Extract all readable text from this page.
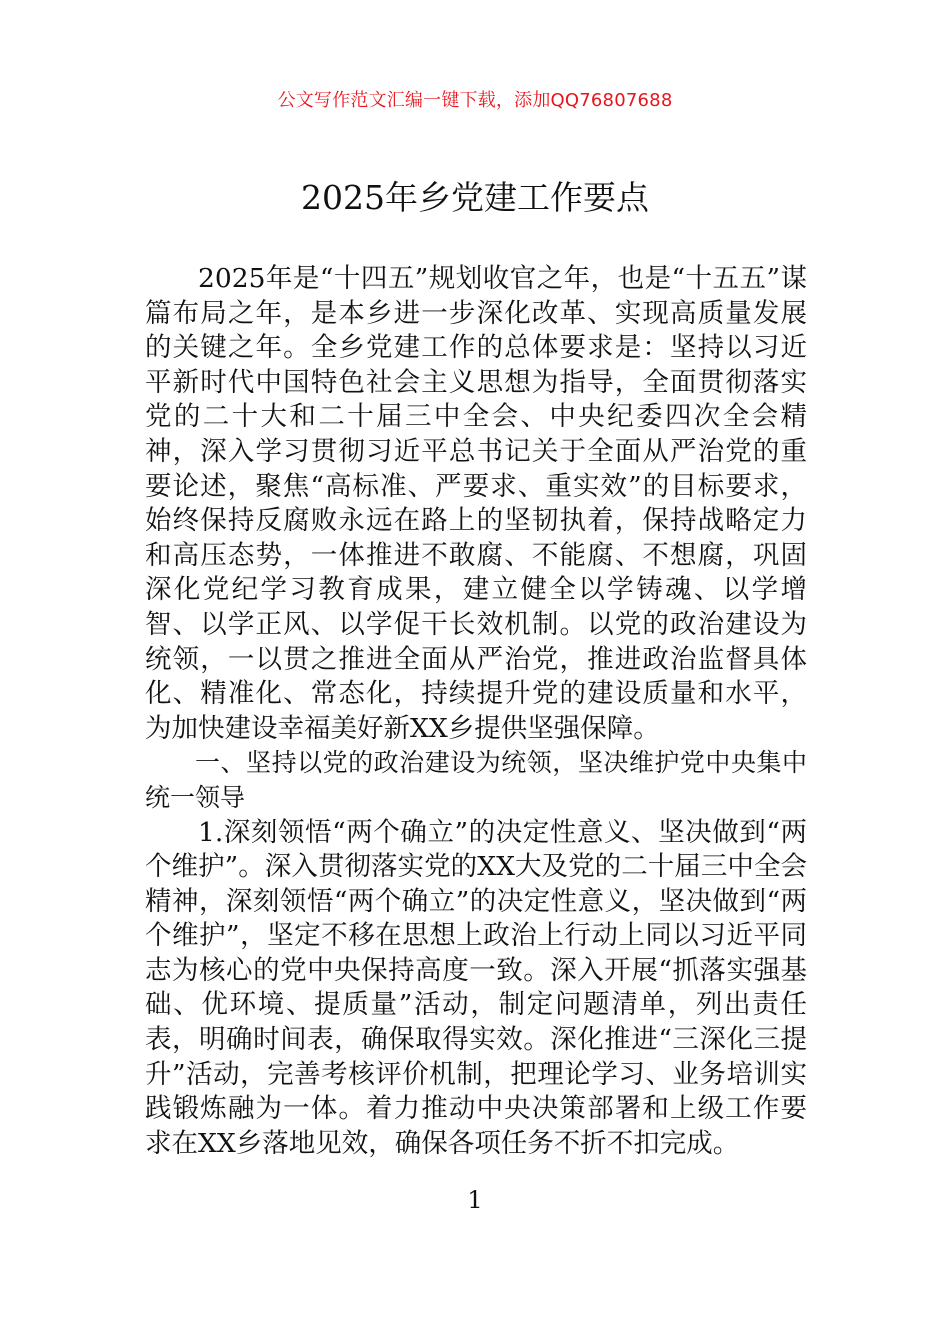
公文写作范文汇编一键下载，添加QQ76807688
2025年乡党建工作要点

2025年是“十四五”规划收官之年，也是“十五五”谋篇布局之年，是本乡进一步深化改革、实现高质量发展的关键之年。全乡党建工作的总体要求是：坚持以习近平新时代中国特色社会主义思想为指导，全面贯彻落实党的二十大和二十届三中全会、中央纪委四次全会精神，深入学习贯彻习近平总书记关于全面从严治党的重要论述，聚焦“高标准、严要求、重实效”的目标要求，始终保持反腐败永远在路上的坚韧执着，保持战略定力和高压态势，一体推进不敢腐、不能腐、不想腐，巩固深化党纪学习教育成果，建立健全以学铸魂、以学增智、以学正风、以学促干长效机制。以党的政治建设为统领，一以贯之推进全面从严治党，推进政治监督具体化、精准化、常态化，持续提升党的建设质量和水平，为加快建设幸福美好新XX乡提供坚强保障。

一、坚持以党的政治建设为统领，坚决维护党中央集中统一领导

1.深刻领悟“两个确立”的决定性意义、坚决做到“两个维护”。深入贯彻落实党的XX大及党的二十届三中全会精神，深刻领悟“两个确立”的决定性意义，坚决做到“两个维护”，坚定不移在思想上政治上行动上同以习近平同志为核心的党中央保持高度一致。深入开展“抓落实强基础、优环境、提质量”活动，制定问题清单，列出责任表，明确时间表，确保取得实效。深化推进“三深化三提升”活动，完善考核评价机制，把理论学习、业务培训实践锻炼融为一体。着力推动中央决策部署和上级工作要求在XX乡落地见效，确保各项任务不折不扣完成。

1
